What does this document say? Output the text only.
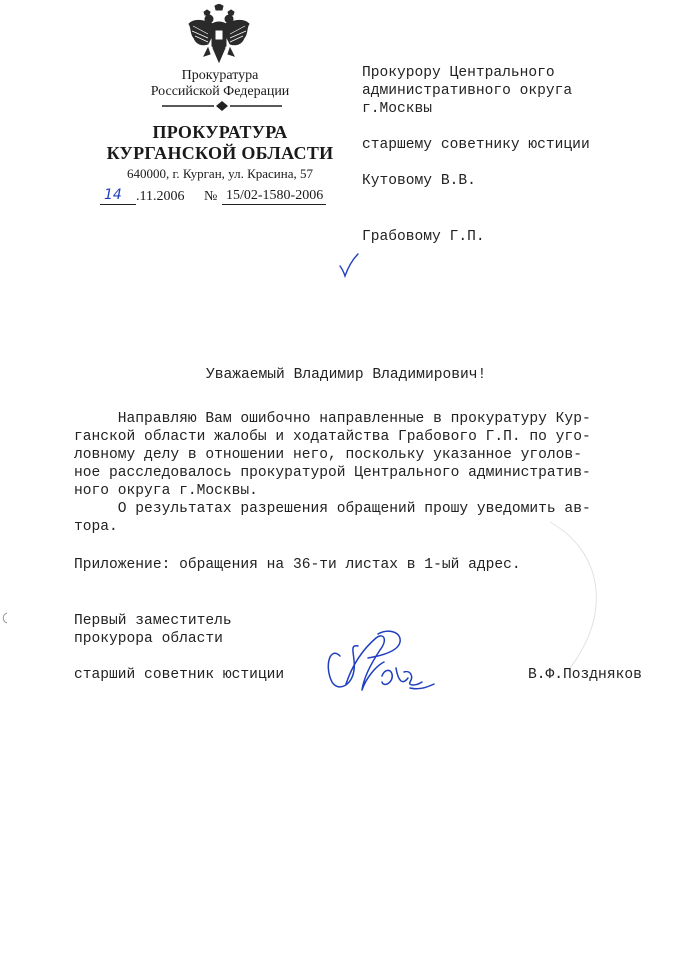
Прокуратура
Российской Федерации
ПРОКУРАТУРА
КУРГАНСКОЙ ОБЛАСТИ
640000, г. Курган, ул. Красина, 57
14 .11.2006 № 15/02-1580-2006
Прокурору Центрального
административного округа
г.Москвы
старшему советнику юстиции
Кутовому В.В.
Грабовому Г.П.
Уважаемый Владимир Владимирович!
Направляю Вам ошибочно направленные в прокуратуру Кур-
ганской области жалобы и ходатайства Грабового Г.П. по уго-
ловному делу в отношении него, поскольку указанное уголов-
ное расследовалось прокуратурой Центрального административ-
ного округа г.Москвы.
О результатах разрешения обращений прошу уведомить ав-
тора.
Приложение: обращения на 36-ти листах в 1-ый адрес.
Первый заместитель
прокурора области
старший советник юстиции	В.Ф.Поздняков
